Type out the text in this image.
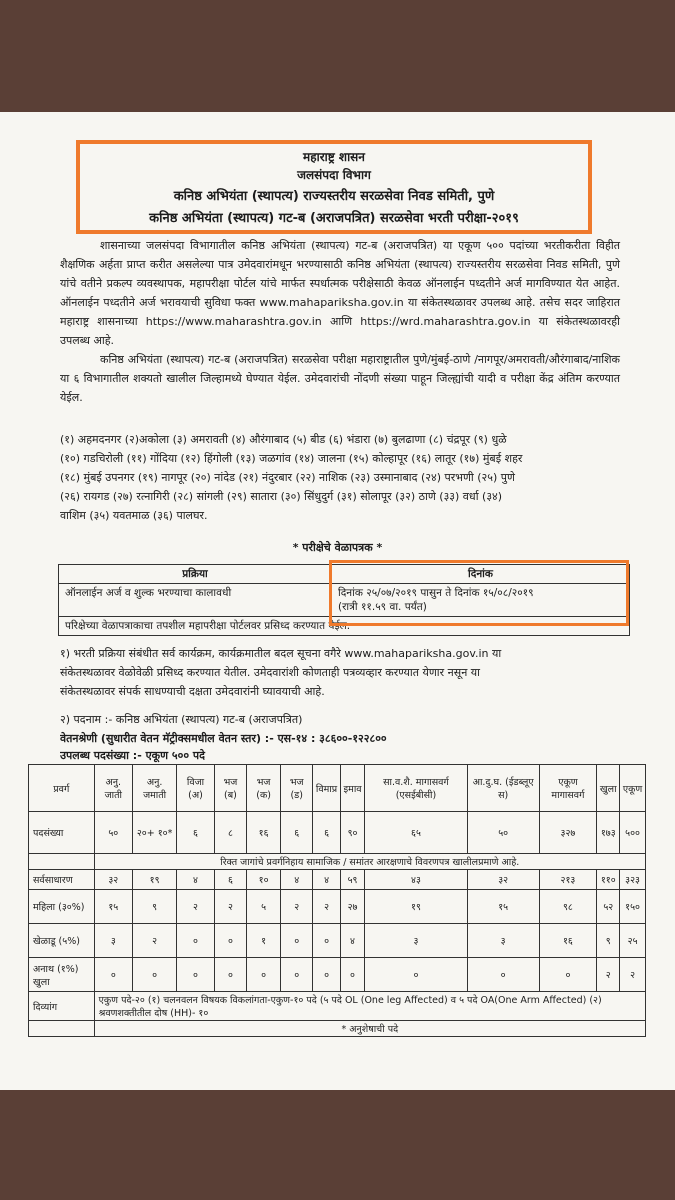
महाराष्ट्र शासन
जलसंपदा विभाग
कनिष्ठ अभियंता (स्थापत्य) राज्यस्तरीय सरळसेवा निवड समिती, पुणे
कनिष्ठ अभियंता (स्थापत्य) गट-ब (अराजपत्रित) सरळसेवा भरती परीक्षा-२०१९
शासनाच्या जलसंपदा विभागातील कनिष्ठ अभियंता (स्थापत्य) गट-ब (अराजपत्रित) या एकूण ५०० पदांच्या भरतीकरीता विहीत शैक्षणिक अर्हता प्राप्त करीत असलेल्या पात्र उमेदवारांमधून भरण्यासाठी कनिष्ठ अभियंता (स्थापत्य) राज्यस्तरीय सरळसेवा निवड समिती, पुणे यांचे वतीने प्रकल्प व्यवस्थापक, महापरीक्षा पोर्टल यांचे मार्फत स्पर्धात्मक परीक्षेसाठी केवळ ऑनलाईन पध्दतीने अर्ज मागविण्यात येत आहेत. ऑनलाईन पध्दतीने अर्ज भरावयाची सुविधा फक्त www.mahapariksha.gov.in या संकेतस्थळावर उपलब्ध आहे. तसेच सदर जाहिरात महाराष्ट्र शासनाच्या https://www.maharashtra.gov.in आणि https://wrd.maharashtra.gov.in या संकेतस्थळावरही उपलब्ध आहे.
कनिष्ठ अभियंता (स्थापत्य) गट-ब (अराजपत्रित) सरळसेवा परीक्षा महाराष्ट्रातील पुणे/मुंबई-ठाणे /नागपूर/अमरावती/औरंगाबाद/नाशिक या ६ विभागातील शक्यतो खालील जिल्हामध्ये घेण्यात येईल. उमेदवारांची नोंदणी संख्या पाहून जिल्ह्यांची यादी व परीक्षा केंद्र अंतिम करण्यात येईल.
(१) अहमदनगर (२)अकोला (३) अमरावती (४) औरंगाबाद (५) बीड (६) भंडारा (७) बुलढाणा (८) चंद्रपूर (९) धुळे
(१०) गडचिरोली (११) गोंदिया (१२) हिंगोली (१३) जळगांव (१४) जालना (१५) कोल्हापूर (१६) लातूर (१७) मुंबई शहर
(१८) मुंबई उपनगर (१९) नागपूर (२०) नांदेड (२१) नंदुरबार (२२) नाशिक (२३) उस्मानाबाद (२४) परभणी (२५) पुणे
(२६) रायगड (२७) रत्नागिरी (२८) सांगली (२९) सातारा (३०) सिंधुदुर्ग (३१) सोलापूर (३२) ठाणे (३३) वर्धा (३४)
वाशिम (३५) यवतमाळ (३६) पालघर.
* परीक्षेचे वेळापत्रक *
प्रक्रिया	दिनांक
ऑनलाईन अर्ज व शुल्क भरण्याचा कालावधी	दिनांक २५/०७/२०१९ पासुन ते दिनांक १५/०८/२०१९
(रात्री ११.५९ वा. पर्यंत)

परिक्षेच्या वेळापत्राकाचा तपशील महापरीक्षा पोर्टलवर प्रसिध्द करण्यात येईल.	
१) भरती प्रक्रिया संबंधीत सर्व कार्यक्रम, कार्यक्रमातील बदल सूचना वगैरे www.mahapariksha.gov.in या
संकेतस्थळावर वेळोवेळी प्रसिध्द करण्यात येतील. उमेदवारांशी कोणताही पत्रव्यव्हार करण्यात येणार नसून या
संकेतस्थळावर संपर्क साधण्याची दक्षता उमेदवारांनी घ्यावयाची आहे.
२) पदनाम :- कनिष्ठ अभियंता (स्थापत्य) गट-ब (अराजपत्रित)
वेतनश्रेणी (सुधारीत वेतन मॅट्रीक्समधील वेतन स्तर) :- एस-१४ : ३८६००-१२२८००
उपलब्ध पदसंख्या :- एकूण ५०० पदे
प्रवर्ग	अनु. जाती	अनु. जमाती	विजा (अ)	भज (ब)	भज (क)	भज (ड)	विमाप्र	इमाव	सा.व.शै. मागासवर्ग (एसईबीसी)	आ.दु.घ. (ईडब्लूए स)	एकूण मागासवर्ग	खुला	एकूण
पदसंख्या	५०	२०+ १०*	६	८	१६	६	६	९०	६५	५०	३२७	१७३	५००
	रिक्त जागांचे प्रवर्गनिहाय सामाजिक / समांतर आरक्षणाचे विवरणपत्र खालीलप्रमाणे आहे.												
सर्वसाधारण	३२	१९	४	६	१०	४	४	५९	४३	३२	२१३	११०	३२३
महिला (३०%)	१५	९	२	२	५	२	२	२७	१९	१५	९८	५२	१५०
खेळाडू (५%)	३	२	०	०	१	०	०	४	३	३	१६	९	२५
अनाथ (१%) खुला	०	०	०	०	०	०	०	०	०	०	०	२	२
दिव्यांग	एकुण पदे-२० (१) चलनवलन विषयक विकलांगता-एकुण-१० पदे (५ पदे OL (One leg Affected) व ५ पदे OA(One Arm Affected) (२) श्रवणशक्तीतील दोष (HH)- १०												
	* अनुशेषाची पदे												
